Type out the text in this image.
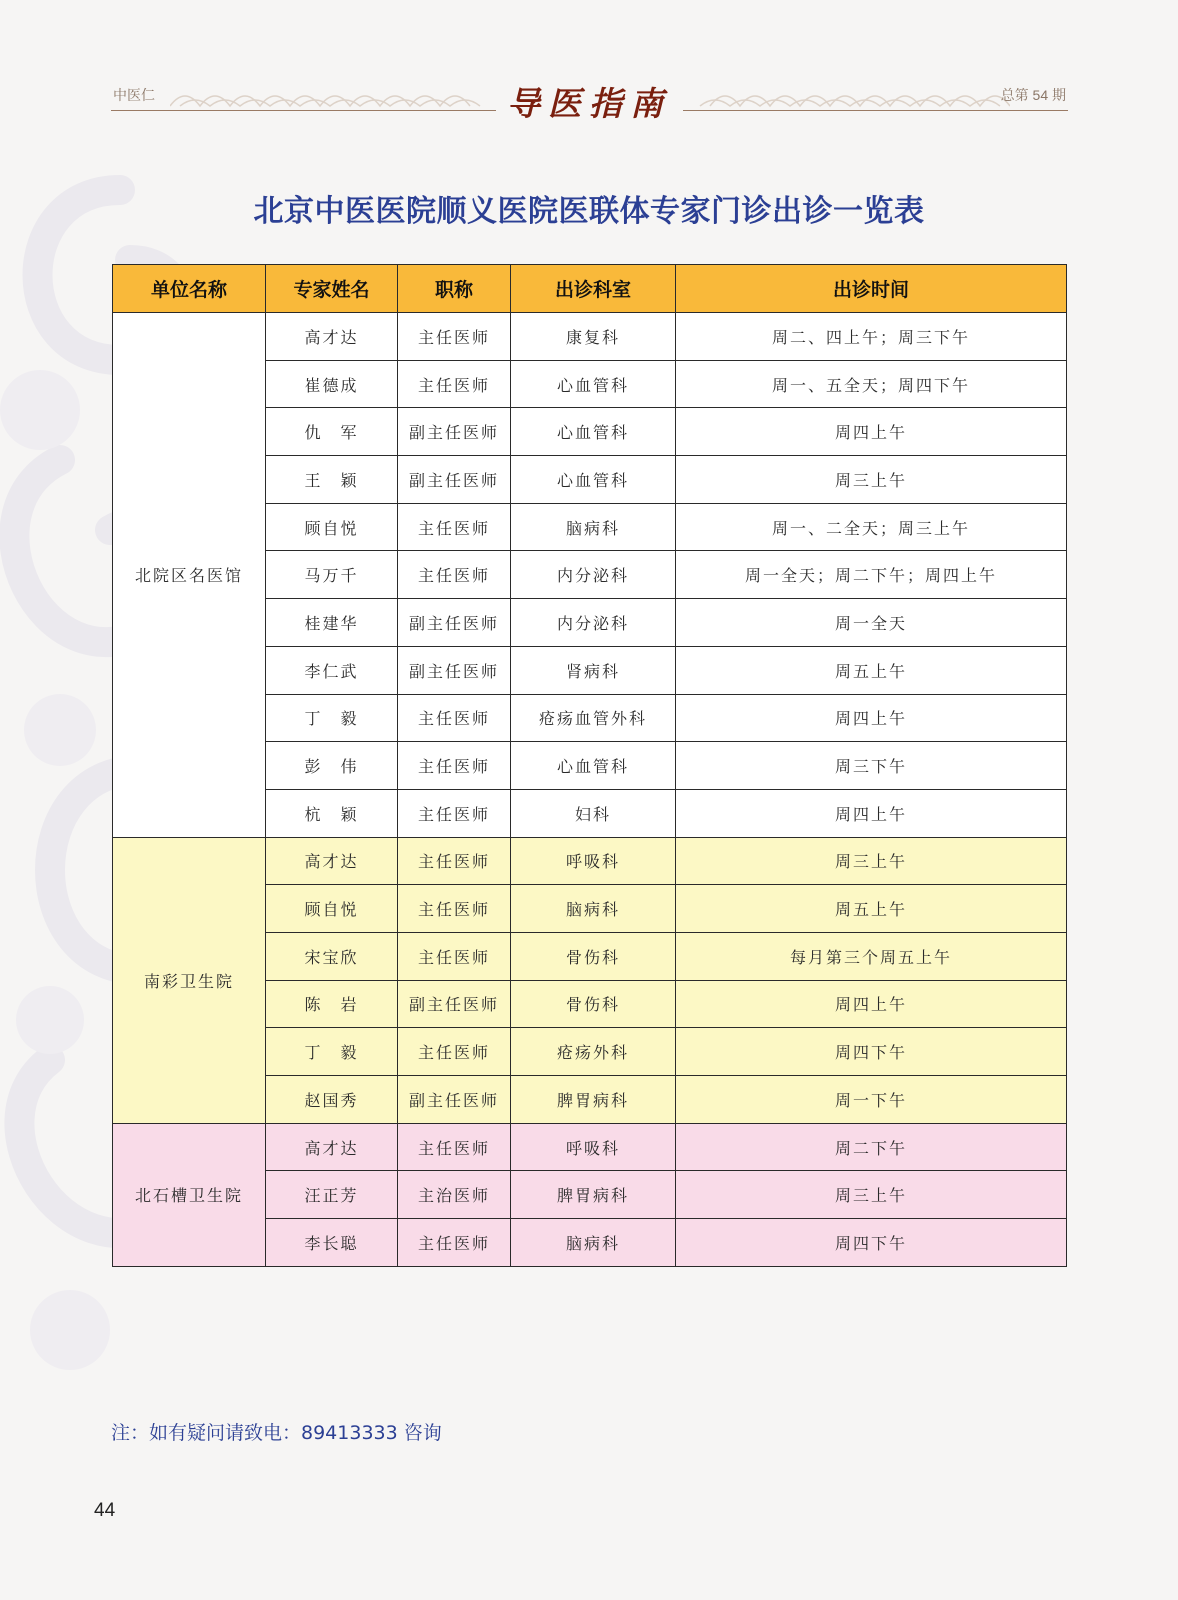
中医仁	导医指南	总第 54 期
北京中医医院顺义医院医联体专家门诊出诊一览表
单位名称	专家姓名	职称	出诊科室	出诊时间
北院区名医馆	高才达	主任医师	康复科	周二、四上午；周三下午
	崔德成	主任医师	心血管科	周一、五全天；周四下午
	仇　军	副主任医师	心血管科	周四上午
	王　颖	副主任医师	心血管科	周三上午
	顾自悦	主任医师	脑病科	周一、二全天；周三上午
	马万千	主任医师	内分泌科	周一全天；周二下午；周四上午
	桂建华	副主任医师	内分泌科	周一全天
	李仁武	副主任医师	肾病科	周五上午
	丁　毅	主任医师	疮疡血管外科	周四上午
	彭　伟	主任医师	心血管科	周三下午
	杭　颖	主任医师	妇科	周四上午
南彩卫生院	高才达	主任医师	呼吸科	周三上午
	顾自悦	主任医师	脑病科	周五上午
	宋宝欣	主任医师	骨伤科	每月第三个周五上午
	陈　岩	副主任医师	骨伤科	周四上午
	丁　毅	主任医师	疮疡外科	周四下午
	赵国秀	副主任医师	脾胃病科	周一下午
北石槽卫生院	高才达	主任医师	呼吸科	周二下午
	汪正芳	主治医师	脾胃病科	周三上午
	李长聪	主任医师	脑病科	周四下午
注：如有疑问请致电：89413333 咨询
44
